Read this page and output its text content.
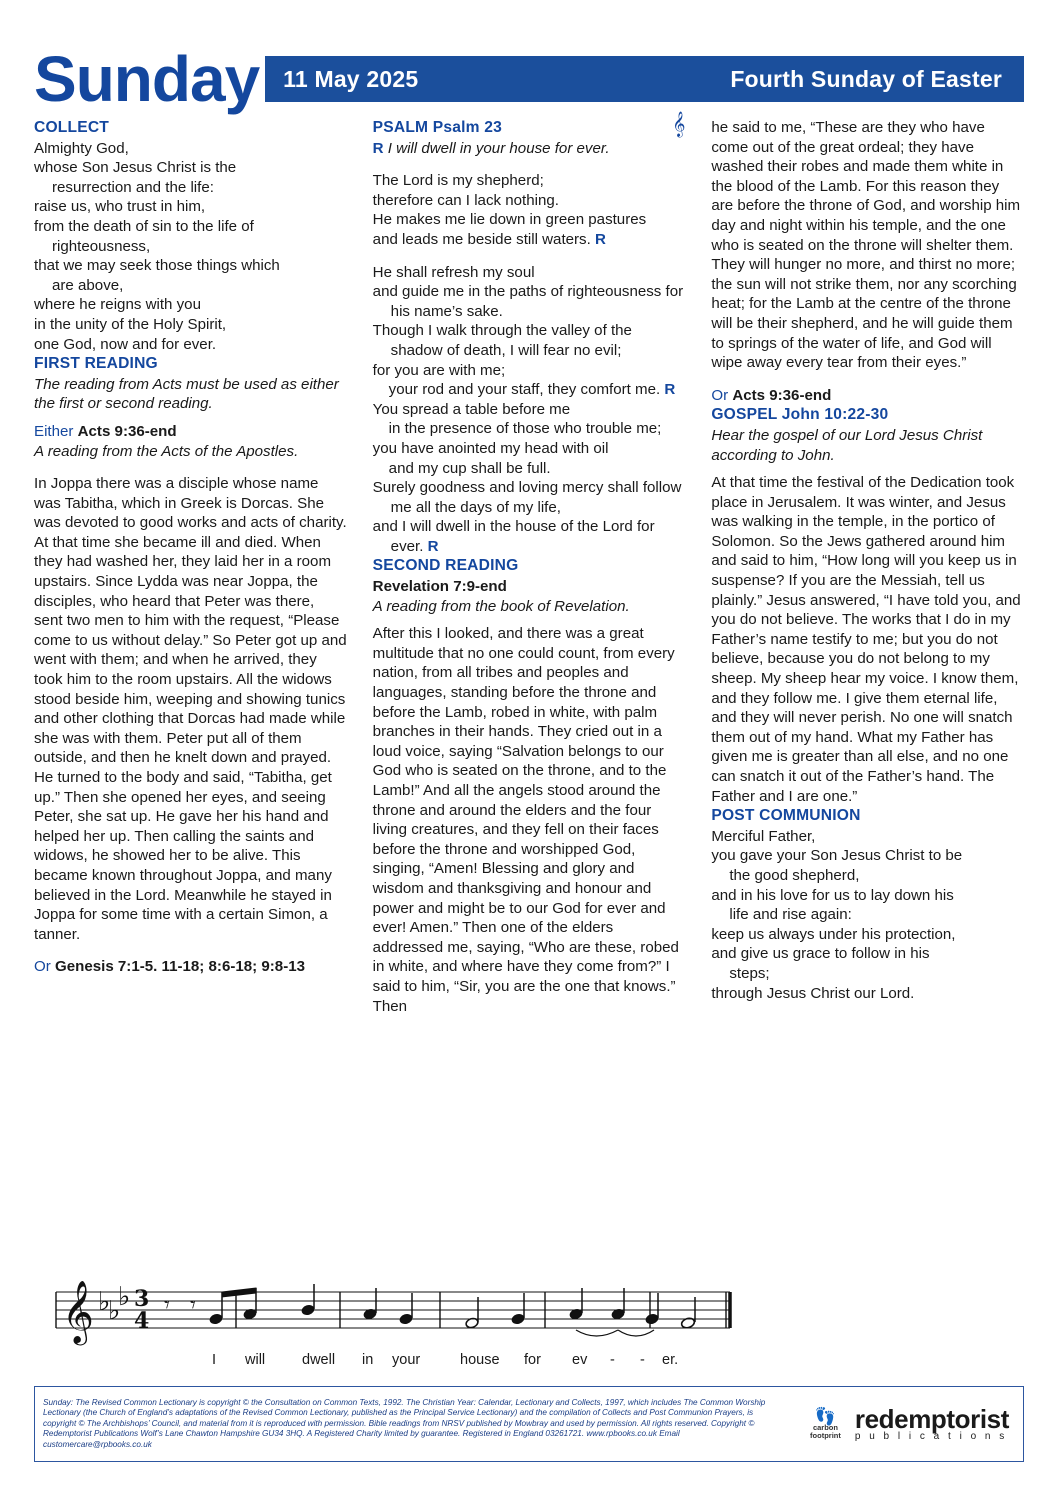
Sunday 11 May 2025	Fourth Sunday of Easter
COLLECT

Almighty God,

whose Son Jesus Christ is the

resurrection and the life:

raise us, who trust in him,

from the death of sin to the life of

righteousness,

that we may seek those things which

are above,

where he reigns with you

in the unity of the Holy Spirit,

one God, now and for ever.

FIRST READING

The reading from Acts must be used as either the first or second reading.

Either Acts 9:36-end

A reading from the Acts of the Apostles.

In Joppa there was a disciple whose name was Tabitha, which in Greek is Dorcas. She was devoted to good works and acts of charity. At that time she became ill and died. When they had washed her, they laid her in a room upstairs. Since Lydda was near Joppa, the disciples, who heard that Peter was there, sent two men to him with the request, “Please come to us without delay.” So Peter got up and went with them; and when he arrived, they took him to the room upstairs. All the widows stood beside him, weeping and showing tunics and other clothing that Dorcas had made while she was with them. Peter put all of them outside, and then he knelt down and prayed. He turned to the body and said, “Tabitha, get up.” Then she opened her eyes, and seeing Peter, she sat up. He gave her his hand and helped her up. Then calling the saints and widows, he showed her to be alive. This became known throughout Joppa, and many believed in the Lord. Meanwhile he stayed in Joppa for some time with a certain Simon, a tanner.

Or Genesis 7:1-5. 11-18; 8:6-18; 9:8-13

𝄞
PSALM Psalm 23

R I will dwell in your house for ever.

The Lord is my shepherd;

therefore can I lack nothing.

He makes me lie down in green pastures

and leads me beside still waters. R

He shall refresh my soul

and guide me in the paths of righteousness for his name’s sake.

Though I walk through the valley of the shadow of death, I will fear no evil;

for you are with me;

your rod and your staff, they comfort me. R

You spread a table before me

in the presence of those who trouble me;

you have anointed my head with oil

and my cup shall be full.

Surely goodness and loving mercy shall follow me all the days of my life,

and I will dwell in the house of the Lord for ever. R

SECOND READING

Revelation 7:9-end

A reading from the book of Revelation.

After this I looked, and there was a great multitude that no one could count, from every nation, from all tribes and peoples and languages, standing before the throne and before the Lamb, robed in white, with palm branches in their hands. They cried out in a loud voice, saying “Salvation belongs to our God who is seated on the throne, and to the Lamb!” And all the angels stood around the throne and around the elders and the four living creatures, and they fell on their faces before the throne and worshipped God, singing, “Amen! Blessing and glory and wisdom and thanksgiving and honour and power and might be to our God for ever and ever! Amen.” Then one of the elders addressed me, saying, “Who are these, robed in white, and where have they come from?” I said to him, “Sir, you are the one that knows.” Then

he said to me, “These are they who have come out of the great ordeal; they have washed their robes and made them white in the blood of the Lamb. For this reason they are before the throne of God, and worship him day and night within his temple, and the one who is seated on the throne will shelter them. They will hunger no more, and thirst no more; the sun will not strike them, nor any scorching heat; for the Lamb at the centre of the throne will be their shepherd, and he will guide them to springs of the water of life, and God will wipe away every tear from their eyes.”

Or Acts 9:36-end

GOSPEL John 10:22-30

Hear the gospel of our Lord Jesus Christ according to John.

At that time the festival of the Dedication took place in Jerusalem. It was winter, and Jesus was walking in the temple, in the portico of Solomon. So the Jews gathered around him and said to him, “How long will you keep us in suspense? If you are the Messiah, tell us plainly.” Jesus answered, “I have told you, and you do not believe. The works that I do in my Father’s name testify to me; but you do not believe, because you do not belong to my sheep. My sheep hear my voice. I know them, and they follow me. I give them eternal life, and they will never perish. No one will snatch them out of my hand. What my Father has given me is greater than all else, and no one can snatch it out of the Father’s hand. The Father and I are one.”

POST COMMUNION

Merciful Father,

you gave your Son Jesus Christ to be

the good shepherd,

and in his love for us to lay down his

life and rise again:

keep us always under his protection,

and give us grace to follow in his

steps;

through Jesus Christ our Lord.

𝄞 ♭
♭
♭ 3
4
𝄾 𝄾
I will	dwell in your	house for ev - - er.
Sunday: The Revised Common Lectionary is copyright © the Consultation on Common Texts, 1992. The Christian Year: Calendar, Lectionary and Collects, 1997, which includes The Common Worship Lectionary (the Church of England’s adaptations of the Revised Common Lectionary, published as the Principal Service Lectionary) and the compilation of Collects and Post Communion Prayers, is copyright © The Archbishops’ Council, and material from it is reproduced with permission. Bible readings from NRSV published by Mowbray and used by permission. All rights reserved. Copyright © Redemptorist Publications Wolf’s Lane Chawton Hampshire GU34 3HQ. A Registered Charity limited by guarantee. Registered in England 03261721. www.rpbooks.co.uk Email customercare@rpbooks.co.uk
👣
carbon
footprint
redemptorist
p u b l i c a t i o n s
